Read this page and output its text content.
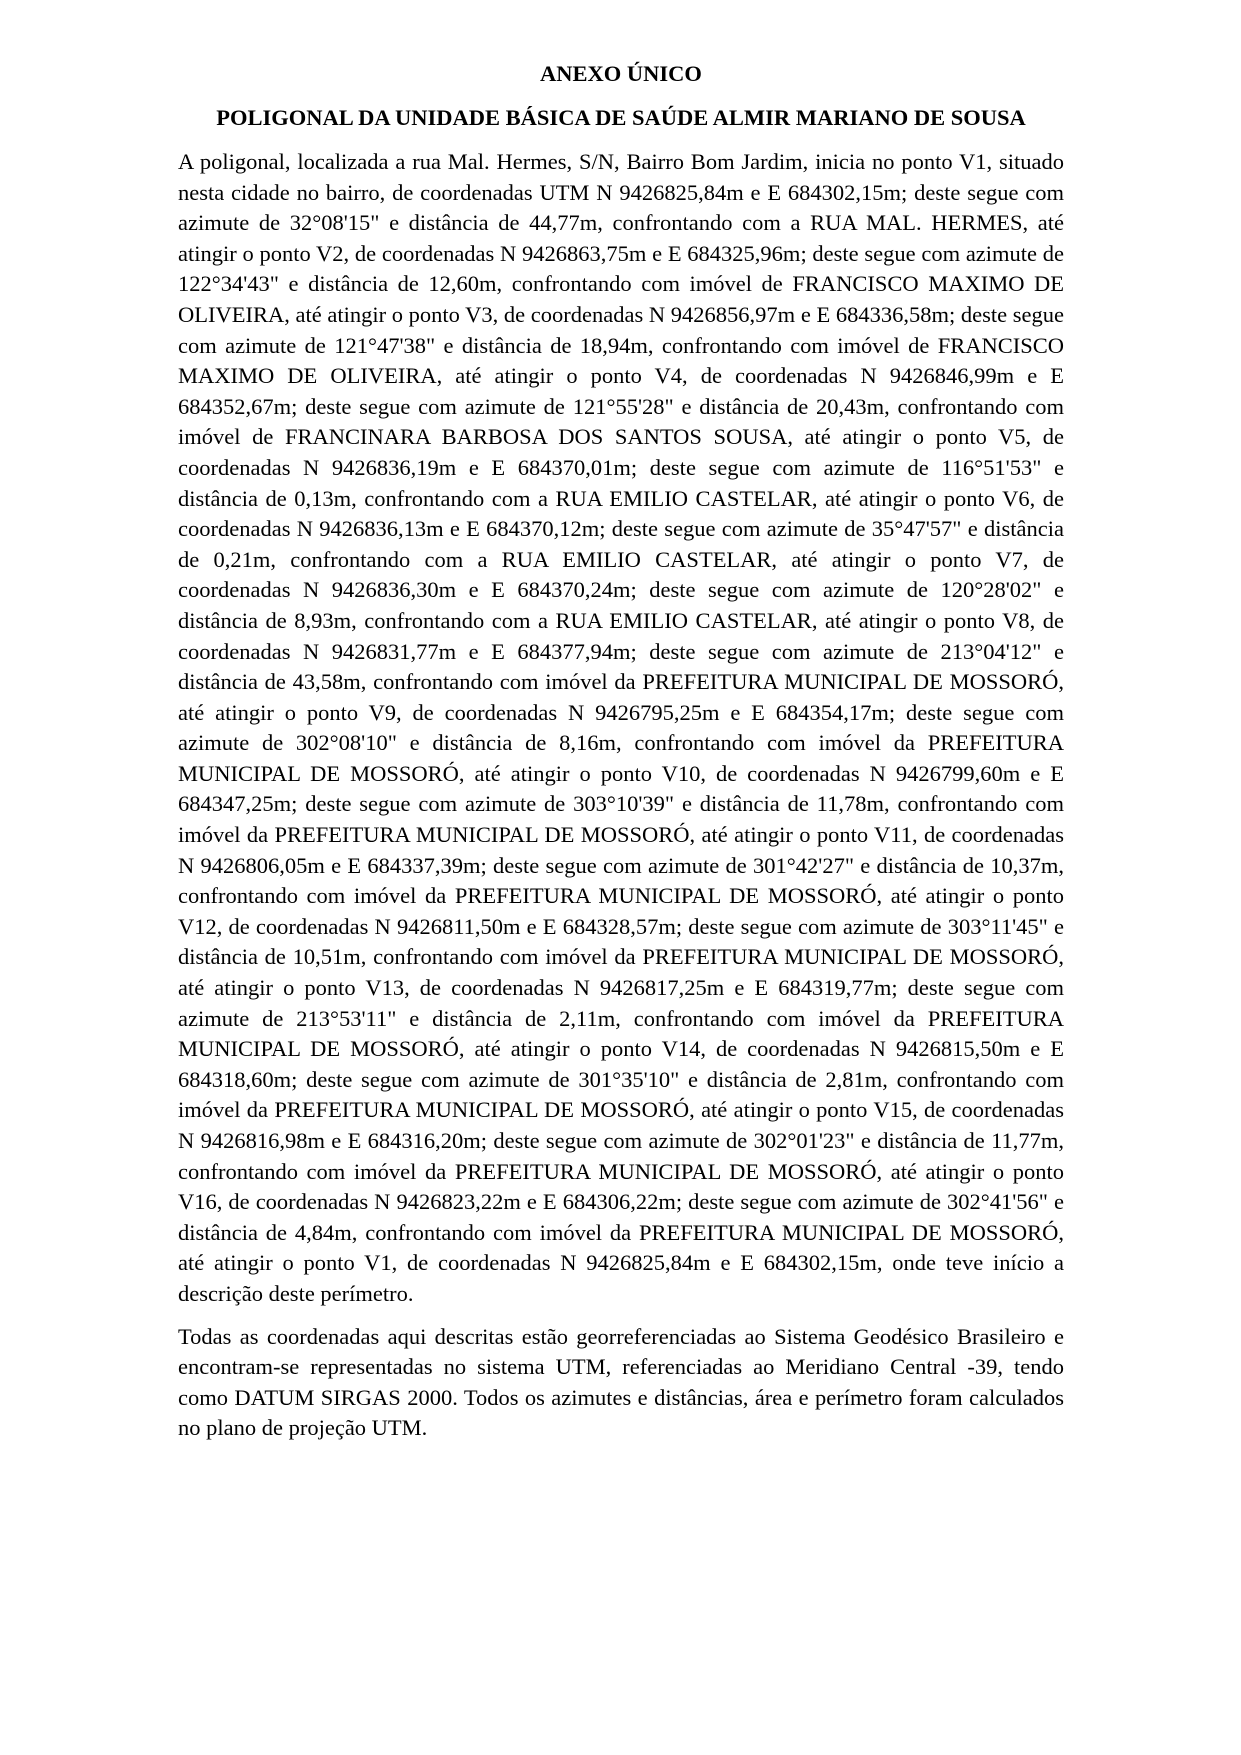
ANEXO ÚNICO
POLIGONAL DA UNIDADE BÁSICA DE SAÚDE ALMIR MARIANO DE SOUSA

A poligonal, localizada a rua Mal. Hermes, S/N, Bairro Bom Jardim, inicia no ponto V1, situado nesta cidade no bairro, de coordenadas UTM N 9426825,84m e E 684302,15m; deste segue com azimute de 32°08'15" e distância de 44,77m, confrontando com a RUA MAL. HERMES, até atingir o ponto V2, de coordenadas N 9426863,75m e E 684325,96m; deste segue com azimute de 122°34'43" e distância de 12,60m, confrontando com imóvel de FRANCISCO MAXIMO DE OLIVEIRA, até atingir o ponto V3, de coordenadas N 9426856,97m e E 684336,58m; deste segue com azimute de 121°47'38" e distância de 18,94m, confrontando com imóvel de FRANCISCO MAXIMO DE OLIVEIRA, até atingir o ponto V4, de coordenadas N 9426846,99m e E 684352,67m; deste segue com azimute de 121°55'28" e distância de 20,43m, confrontando com imóvel de FRANCINARA BARBOSA DOS SANTOS SOUSA, até atingir o ponto V5, de coordenadas N 9426836,19m e E 684370,01m; deste segue com azimute de 116°51'53" e distância de 0,13m, confrontando com a RUA EMILIO CASTELAR, até atingir o ponto V6, de coordenadas N 9426836,13m e E 684370,12m; deste segue com azimute de 35°47'57" e distância de 0,21m, confrontando com a RUA EMILIO CASTELAR, até atingir o ponto V7, de coordenadas N 9426836,30m e E 684370,24m; deste segue com azimute de 120°28'02" e distância de 8,93m, confrontando com a RUA EMILIO CASTELAR, até atingir o ponto V8, de coordenadas N 9426831,77m e E 684377,94m; deste segue com azimute de 213°04'12" e distância de 43,58m, confrontando com imóvel da PREFEITURA MUNICIPAL DE MOSSORÓ, até atingir o ponto V9, de coordenadas N 9426795,25m e E 684354,17m; deste segue com azimute de 302°08'10" e distância de 8,16m, confrontando com imóvel da PREFEITURA MUNICIPAL DE MOSSORÓ, até atingir o ponto V10, de coordenadas N 9426799,60m e E 684347,25m; deste segue com azimute de 303°10'39" e distância de 11,78m, confrontando com imóvel da PREFEITURA MUNICIPAL DE MOSSORÓ, até atingir o ponto V11, de coordenadas N 9426806,05m e E 684337,39m; deste segue com azimute de 301°42'27" e distância de 10,37m, confrontando com imóvel da PREFEITURA MUNICIPAL DE MOSSORÓ, até atingir o ponto V12, de coordenadas N 9426811,50m e E 684328,57m; deste segue com azimute de 303°11'45" e distância de 10,51m, confrontando com imóvel da PREFEITURA MUNICIPAL DE MOSSORÓ, até atingir o ponto V13, de coordenadas N 9426817,25m e E 684319,77m; deste segue com azimute de 213°53'11" e distância de 2,11m, confrontando com imóvel da PREFEITURA MUNICIPAL DE MOSSORÓ, até atingir o ponto V14, de coordenadas N 9426815,50m e E 684318,60m; deste segue com azimute de 301°35'10" e distância de 2,81m, confrontando com imóvel da PREFEITURA MUNICIPAL DE MOSSORÓ, até atingir o ponto V15, de coordenadas N 9426816,98m e E 684316,20m; deste segue com azimute de 302°01'23" e distância de 11,77m, confrontando com imóvel da PREFEITURA MUNICIPAL DE MOSSORÓ, até atingir o ponto V16, de coordenadas N 9426823,22m e E 684306,22m; deste segue com azimute de 302°41'56" e distância de 4,84m, confrontando com imóvel da PREFEITURA MUNICIPAL DE MOSSORÓ, até atingir o ponto V1, de coordenadas N 9426825,84m e E 684302,15m, onde teve início a descrição deste perímetro.

Todas as coordenadas aqui descritas estão georreferenciadas ao Sistema Geodésico Brasileiro e encontram-se representadas no sistema UTM, referenciadas ao Meridiano Central -39, tendo como DATUM SIRGAS 2000. Todos os azimutes e distâncias, área e perímetro foram calculados no plano de projeção UTM.
